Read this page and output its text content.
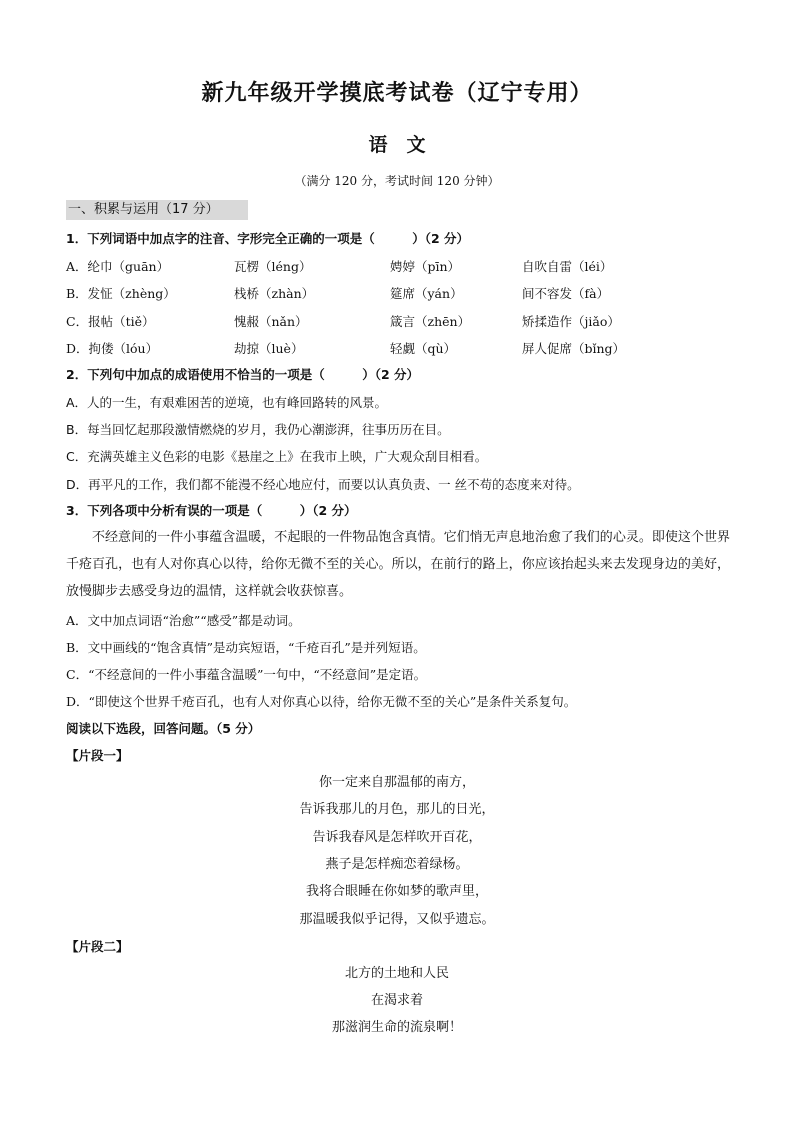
新九年级开学摸底考试卷（辽宁专用）
语　文
（满分 120 分，考试时间 120 分钟）
一、积累与运用（17 分）
1．下列词语中加点字的注音、字形完全正确的一项是（　　　）（2 分）
A．纶巾（guān）	瓦楞（léng）	娉婷（pīn）	自吹自雷（léi）
B．发怔（zhèng）	栈桥（zhàn）	筵席（yán）	间不容发（fà）
C．报帖（tiě）	愧赧（nǎn）	箴言（zhēn）	矫揉造作（jiǎo）
D．拘偻（lóu）	劫掠（luè）	轻觑（qù）	屏人促席（bǐng）
2．下列句中加点的成语使用不恰当的一项是（　　　）（2 分）
A．人的一生，有艰难困苦的逆境，也有峰回路转的风景。
B．每当回忆起那段激情燃烧的岁月，我仍心潮澎湃，往事历历在目。
C．充满英雄主义色彩的电影《悬崖之上》在我市上映，广大观众刮目相看。
D．再平凡的工作，我们都不能漫不经心地应付，而要以认真负责、一 丝不苟的态度来对待。
3．下列各项中分析有误的一项是（　　　）（2 分）
不经意间的一件小事蕴含温暖，不起眼的一件物品饱含真情。它们悄无声息地治愈了我们的心灵。即使这个世界千疮百孔，也有人对你真心以待，给你无微不至的关心。所以，在前行的路上，你应该抬起头来去发现身边的美好，放慢脚步去感受身边的温情，这样就会收获惊喜。
A．文中加点词语“治愈”“感受”都是动词。
B．文中画线的“饱含真情”是动宾短语，“千疮百孔”是并列短语。
C．“不经意间的一件小事蕴含温暖”一句中，“不经意间”是定语。
D．“即使这个世界千疮百孔，也有人对你真心以待，给你无微不至的关心”是条件关系复句。
阅读以下选段，回答问题。（5 分）
【片段一】
你一定来自那温郁的南方，
告诉我那儿的月色，那儿的日光，
告诉我春风是怎样吹开百花，
燕子是怎样痴恋着绿杨。
我将合眼睡在你如梦的歌声里，
那温暖我似乎记得，又似乎遗忘。
【片段二】
北方的土地和人民
在渴求着
那滋润生命的流泉啊！
